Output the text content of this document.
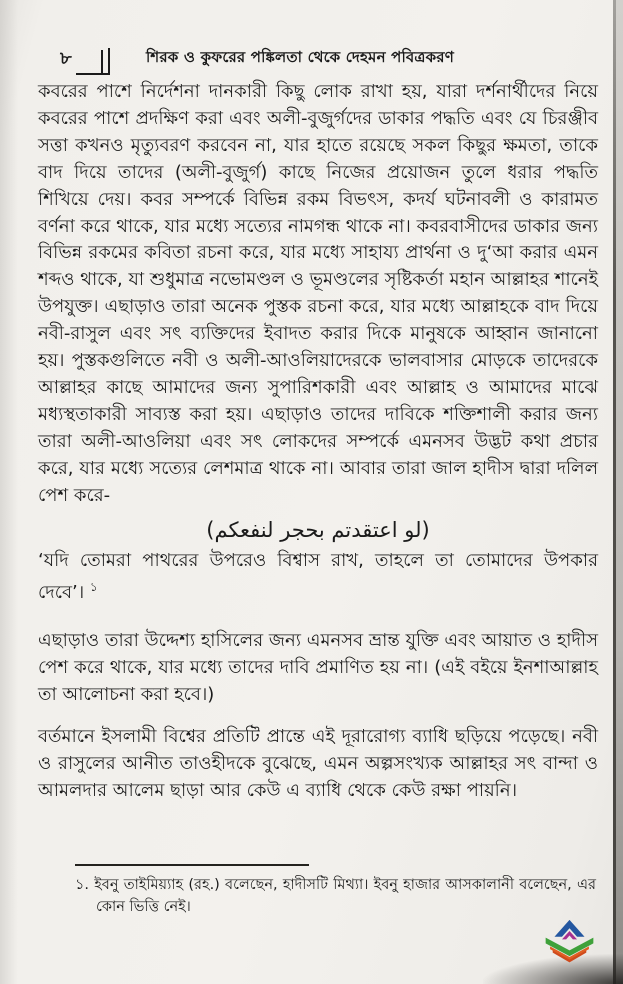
৮	শিরক ও কুফরের পঙ্কিলতা থেকে দেহমন পবিত্রকরণ

কবরের পাশে নির্দেশনা দানকারী কিছু লোক রাখা হয়, যারা দর্শনার্থীদের নিয়ে কবরের পাশে প্রদক্ষিণ করা এবং অলী-বুজুর্গদের ডাকার পদ্ধতি এবং যে চিরঞ্জীব সত্তা কখনও মৃত্যুবরণ করবেন না, যার হাতে রয়েছে সকল কিছুর ক্ষমতা, তাকে বাদ দিয়ে তাদের (অলী-বুজুর্গ) কাছে নিজের প্রয়োজন তুলে ধরার পদ্ধতি শিখিয়ে দেয়। কবর সম্পর্কে বিভিন্ন রকম বিভৎস, কদর্য ঘটনাবলী ও কারামত বর্ণনা করে থাকে, যার মধ্যে সত্যের নামগন্ধ থাকে না। কবরবাসীদের ডাকার জন্য বিভিন্ন রকমের কবিতা রচনা করে, যার মধ্যে সাহায্য প্রার্থনা ও দু‘আ করার এমন শব্দও থাকে, যা শুধুমাত্র নভোমণ্ডল ও ভূমণ্ডলের সৃষ্টিকর্তা মহান আল্লাহর শানেই উপযুক্ত। এছাড়াও তারা অনেক পুস্তক রচনা করে, যার মধ্যে আল্লাহকে বাদ দিয়ে নবী-রাসুল এবং সৎ ব্যক্তিদের ইবাদত করার দিকে মানুষকে আহ্বান জানানো হয়। পুস্তকগুলিতে নবী ও অলী-আওলিয়াদেরকে ভালবাসার মোড়কে তাদেরকে আল্লাহর কাছে আমাদের জন্য সুপারিশকারী এবং আল্লাহ ও আমাদের মাঝে মধ্যস্থতাকারী সাব্যস্ত করা হয়। এছাড়াও তাদের দাবিকে শক্তিশালী করার জন্য তারা অলী-আওলিয়া এবং সৎ লোকদের সম্পর্কে এমনসব উদ্ভট কথা প্রচার করে, যার মধ্যে সত্যের লেশমাত্র থাকে না। আবার তারা জাল হাদীস দ্বারা দলিল পেশ করে-

(لو اعتقدتم بحجر لنفعكم)

‘যদি তোমরা পাথরের উপরেও বিশ্বাস রাখ, তাহলে তা তোমাদের উপকার দেবে’। $^১$

এছাড়াও তারা উদ্দেশ্য হাসিলের জন্য এমনসব ভ্রান্ত যুক্তি এবং আয়াত ও হাদীস পেশ করে থাকে, যার মধ্যে তাদের দাবি প্রমাণিত হয় না। (এই বইয়ে ইনশাআল্লাহ তা আলোচনা করা হবে।)

বর্তমানে ইসলামী বিশ্বের প্রতিটি প্রান্তে এই দূরারোগ্য ব্যাধি ছড়িয়ে পড়েছে। নবী ও রাসুলের আনীত তাওহীদকে বুঝেছে, এমন অল্পসংখ্যক আল্লাহর সৎ বান্দা ও আমলদার আলেম ছাড়া আর কেউ এ ব্যাধি থেকে কেউ রক্ষা পায়নি।

১. ইবনু তাইমিয়্যাহ (রহ.) বলেছেন, হাদীসটি মিথ্যা। ইবনু হাজার আসকালানী বলেছেন, এর কোন ভিত্তি নেই।
